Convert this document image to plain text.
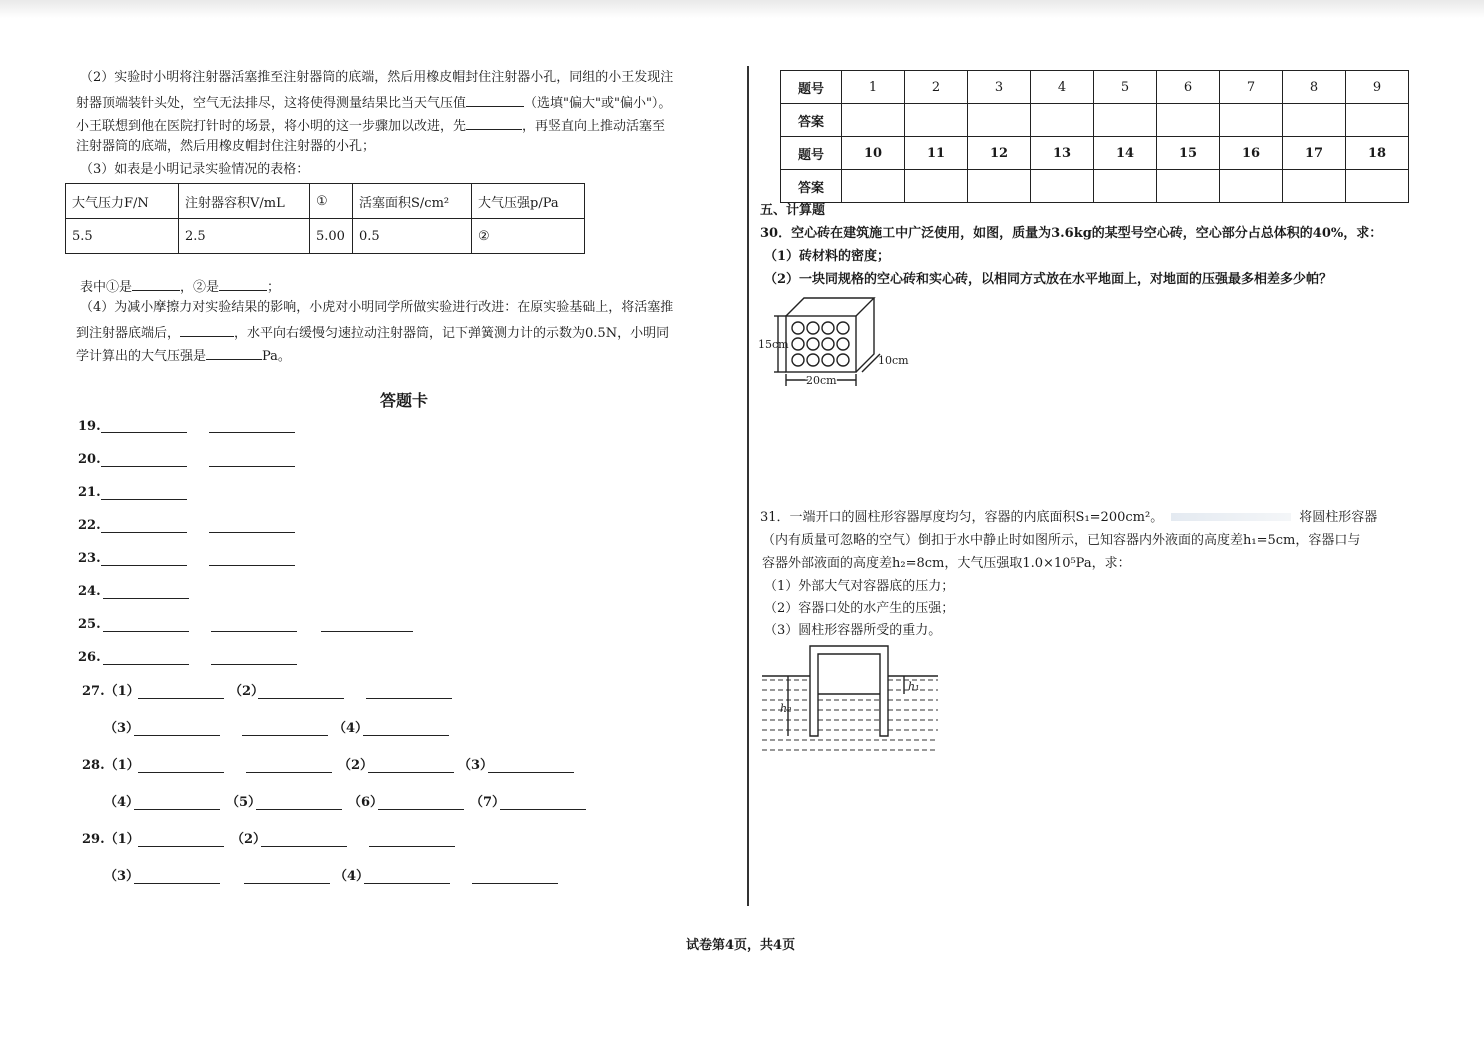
（2）实验时小明将注射器活塞推至注射器筒的底端，然后用橡皮帽封住注射器小孔，同组的小王发现注
射器顶端装针头处，空气无法排尽，这将使得测量结果比当天气压值	（选填"偏大"或"偏小"）。
小王联想到他在医院打针时的场景，将小明的这一步骤加以改进，先	，再竖直向上推动活塞至
注射器筒的底端，然后用橡皮帽封住注射器的小孔；
（3）如表是小明记录实验情况的表格：
大气压力F/N	注射器容积V/mL	①	活塞面积S/cm²	大气压强p/Pa
5.5	2.5	5.00	0.5	②
表中①是	，②是	；
（4）为减小摩擦力对实验结果的影响，小虎对小明同学所做实验进行改进：在原实验基础上，将活塞推
到注射器底端后，	，水平向右缓慢匀速拉动注射器筒，记下弹簧测力计的示数为0.5N，小明同
学计算出的大气压强是	Pa。
答题卡
19.
20.
21.
22.
23.
24.
25.
26.
27.（1）	（2）
（3）	（4）
28.（1）	（2）	（3）
（4）	（5）	（6）	（7）
29.（1）	（2）
（3）	（4）
题号	1	2	3	4	5	6	7	8	9
答案									
题号	10	11	12	13	14	15	16	17	18
答案									
五、计算题
30．空心砖在建筑施工中广泛使用，如图，质量为3.6kg的某型号空心砖，空心部分占总体积的40%，求：
（1）砖材料的密度；
（2）一块同规格的空心砖和实心砖，以相同方式放在水平地面上，对地面的压强最多相差多少帕？
15cm
10cm
20cm
31．一端开口的圆柱形容器厚度均匀，容器的内底面积S₁=200cm²。	将圆柱形容器
（内有质量可忽略的空气）倒扣于水中静止时如图所示，已知容器内外液面的高度差h₁=5cm，容器口与
容器外部液面的高度差h₂=8cm，大气压强取1.0×10⁵Pa，求：
（1）外部大气对容器底的压力；
（2）容器口处的水产生的压强；
（3）圆柱形容器所受的重力。
h₂
h₁
试卷第4页，共4页
